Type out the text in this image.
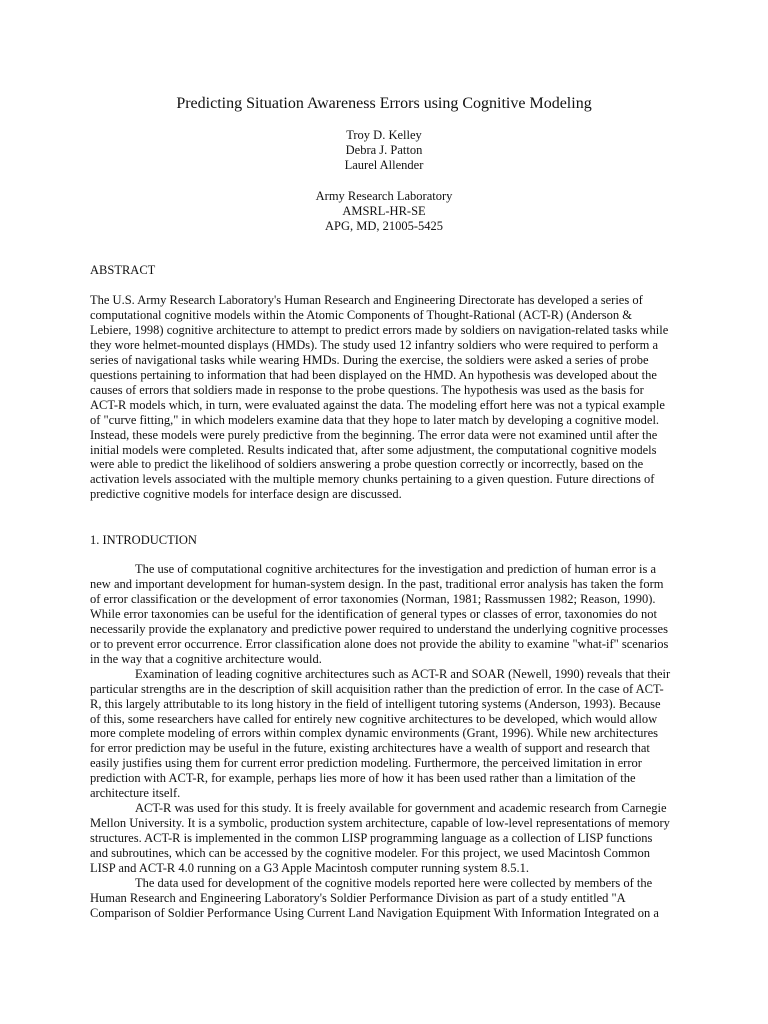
Predicting Situation Awareness Errors using Cognitive Modeling
Troy D. Kelley
Debra J. Patton
Laurel Allender
Army Research Laboratory
AMSRL-HR-SE
APG, MD, 21005-5425
ABSTRACT
The U.S. Army Research Laboratory's Human Research and Engineering Directorate has developed a series of
computational cognitive models within the Atomic Components of Thought-Rational (ACT-R) (Anderson &
Lebiere, 1998) cognitive architecture to attempt to predict errors made by soldiers on navigation-related tasks while
they wore helmet-mounted displays (HMDs). The study used 12 infantry soldiers who were required to perform a
series of navigational tasks while wearing HMDs. During the exercise, the soldiers were asked a series of probe
questions pertaining to information that had been displayed on the HMD. An hypothesis was developed about the
causes of errors that soldiers made in response to the probe questions. The hypothesis was used as the basis for
ACT-R models which, in turn, were evaluated against the data. The modeling effort here was not a typical example
of "curve fitting," in which modelers examine data that they hope to later match by developing a cognitive model.
Instead, these models were purely predictive from the beginning. The error data were not examined until after the
initial models were completed. Results indicated that, after some adjustment, the computational cognitive models
were able to predict the likelihood of soldiers answering a probe question correctly or incorrectly, based on the
activation levels associated with the multiple memory chunks pertaining to a given question. Future directions of
predictive cognitive models for interface design are discussed.
1. INTRODUCTION
The use of computational cognitive architectures for the investigation and prediction of human error is a
new and important development for human-system design. In the past, traditional error analysis has taken the form
of error classification or the development of error taxonomies (Norman, 1981; Rassmussen 1982; Reason, 1990).
While error taxonomies can be useful for the identification of general types or classes of error, taxonomies do not
necessarily provide the explanatory and predictive power required to understand the underlying cognitive processes
or to prevent error occurrence. Error classification alone does not provide the ability to examine "what-if" scenarios
in the way that a cognitive architecture would.
Examination of leading cognitive architectures such as ACT-R and SOAR (Newell, 1990) reveals that their
particular strengths are in the description of skill acquisition rather than the prediction of error. In the case of ACT-
R, this largely attributable to its long history in the field of intelligent tutoring systems (Anderson, 1993). Because
of this, some researchers have called for entirely new cognitive architectures to be developed, which would allow
more complete modeling of errors within complex dynamic environments (Grant, 1996). While new architectures
for error prediction may be useful in the future, existing architectures have a wealth of support and research that
easily justifies using them for current error prediction modeling. Furthermore, the perceived limitation in error
prediction with ACT-R, for example, perhaps lies more of how it has been used rather than a limitation of the
architecture itself.
ACT-R was used for this study. It is freely available for government and academic research from Carnegie
Mellon University. It is a symbolic, production system architecture, capable of low-level representations of memory
structures. ACT-R is implemented in the common LISP programming language as a collection of LISP functions
and subroutines, which can be accessed by the cognitive modeler. For this project, we used Macintosh Common
LISP and ACT-R 4.0 running on a G3 Apple Macintosh computer running system 8.5.1.
The data used for development of the cognitive models reported here were collected by members of the
Human Research and Engineering Laboratory's Soldier Performance Division as part of a study entitled "A
Comparison of Soldier Performance Using Current Land Navigation Equipment With Information Integrated on a
